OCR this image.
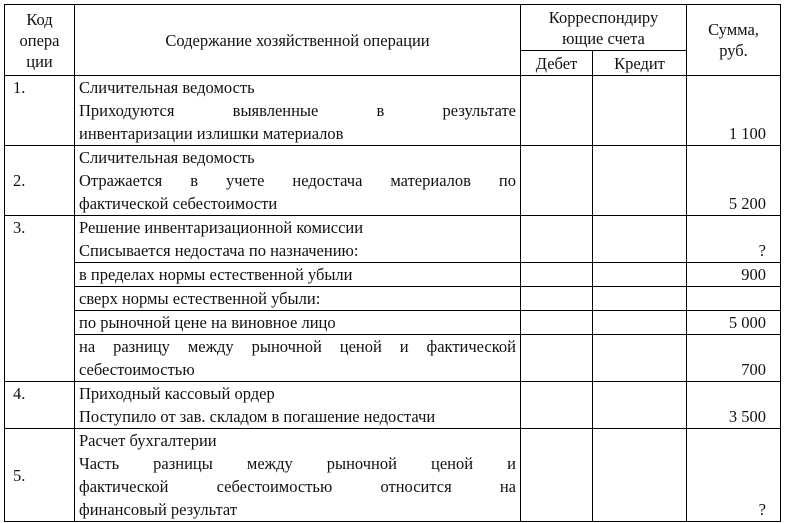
Код
опера
ции	Содержание хозяйственной операции	Корреспондиру
ющие счета		Сумма,
руб.

		Дебет	Кредит	
1.	Сличительная ведомость
Приходуются выявленные в результате
инвентаризации излишки материалов			1 100
2.	Сличительная ведомость
Отражается в учете недостача материалов по
фактической себестоимости			5 200
3.	Решение инвентаризационной комиссии
Списывается недостача по назначению:			?
	в пределах нормы естественной убыли			900
	сверх нормы естественной убыли:			
	по рыночной цене на виновное лицо			5 000

	на разницу между рыночной ценой и фактической
себестоимостью			700
4.	Приходный кассовый ордер
Поступило от зав. складом в погашение недостачи			3 500
5.	Расчет бухгалтерии
Часть разницы между рыночной ценой и
фактической себестоимостью относится на
финансовый результат			?
